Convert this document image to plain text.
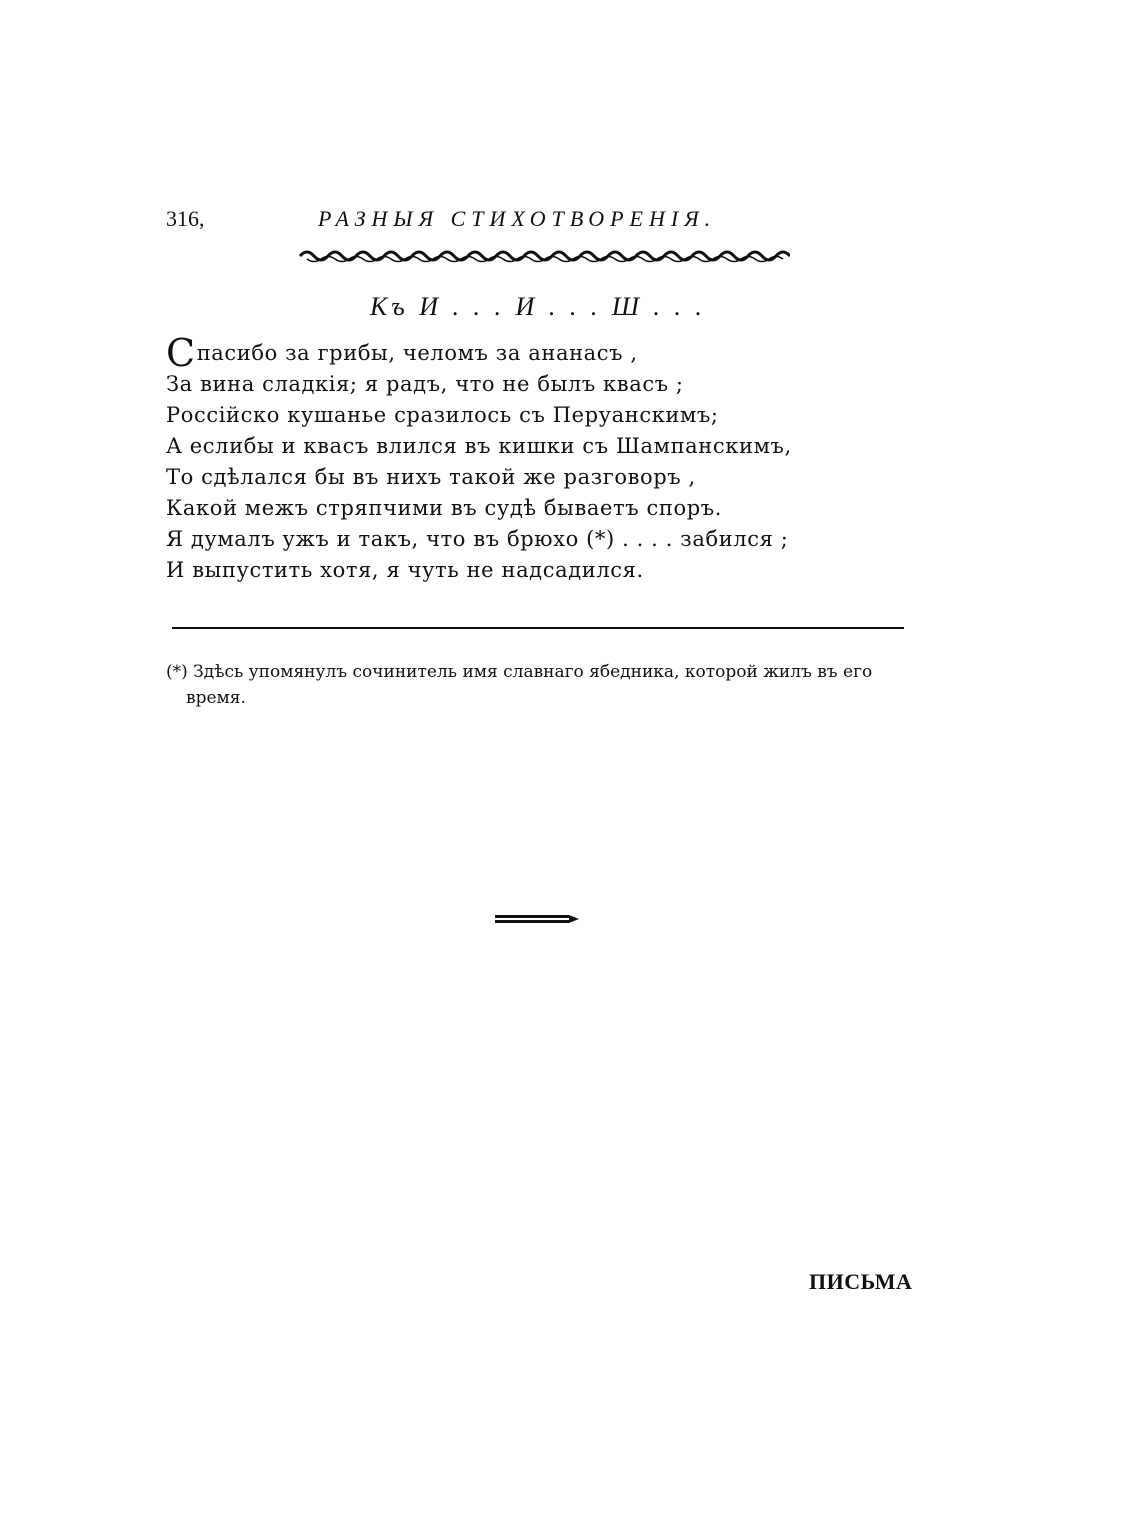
316,	РАЗНЫЯ СТИХОТВОРЕНІЯ.
Къ И . . . И . . . Ш . . .
Спасибо за грибы, челомъ за ананасъ ,
За вина сладкія; я радъ, что не былъ квасъ ;
Россійско кушанье сразилось съ Перуанскимъ;
А еслибы и квасъ влился въ кишки съ Шампанскимъ,
То сдѣлался бы въ нихъ такой же разговоръ ,
Какой межъ стряпчими въ судѣ бываетъ споръ.
Я думалъ ужъ и такъ, что въ брюхо (*) . . . . забился ;
И выпустить хотя, я чуть не надсадился.
(*) Здѣсь упомянулъ сочинитель имя славнаго ябедника, которой жилъ въ его
время.
ПИСЬМА
